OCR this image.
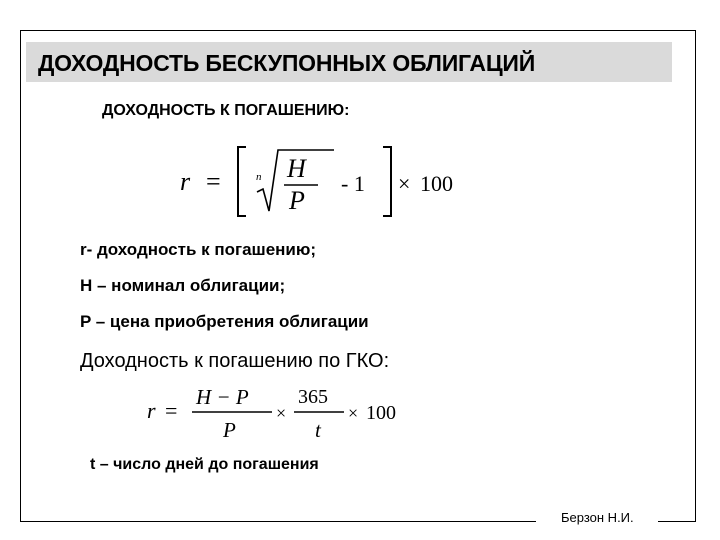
ДОХОДНОСТЬ БЕСКУПОННЫХ ОБЛИГАЦИЙ
ДОХОДНОСТЬ К ПОГАШЕНИЮ:
r =	n H
P
- 1 × 100
r =
H − P
P
×
365
t
× 100
r- доходность к погашению;
H – номинал облигации;
P – цена приобретения облигации
Доходность к погашению по ГКО:
t – число дней до погашения
Берзон Н.И.
